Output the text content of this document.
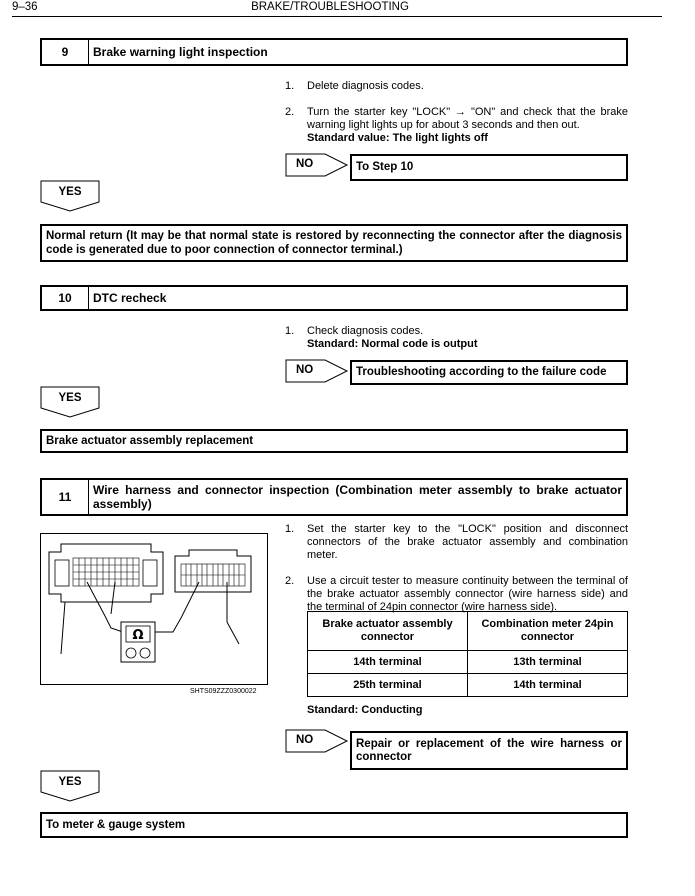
9–36	BRAKE/TROUBLESHOOTING
9	Brake warning light inspection
1.	Delete diagnosis codes.
2.	Turn the starter key "LOCK" → "ON" and check that the brake warning light lights up for about 3 seconds and then out.
Standard value: The light lights off
NO	To Step 10
YES
Normal return (It may be that normal state is restored by reconnecting the connector after the diagnosis code is generated due to poor connection of connector terminal.)
10	DTC recheck
1.	Check diagnosis codes.
Standard: Normal code is output
NO	Troubleshooting according to the failure code
YES
Brake actuator assembly replacement
11	Wire harness and connector inspection (Combination meter assembly to brake actuator assembly)
Ω
SHTS09ZZZ0300022
1.	Set the starter key to the "LOCK" position and disconnect connectors of the brake actuator assembly and combination meter.
2.	Use a circuit tester to measure continuity between the terminal of the brake actuator assembly connector (wire harness side) and the terminal of 24pin connector (wire harness side).
Brake actuator assembly connector	Combination meter 24pin connector
14th terminal	13th terminal
25th terminal	14th terminal
Standard: Conducting
NO	Repair or replacement of the wire harness or connector
YES
To meter & gauge system
